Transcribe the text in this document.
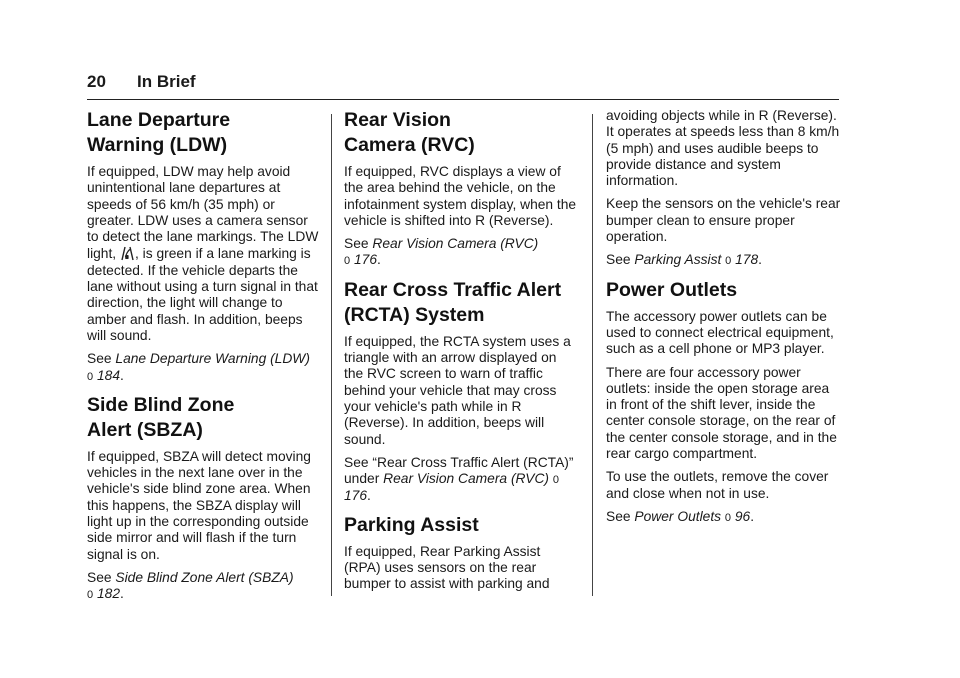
20 In Brief
Lane Departure
Warning (LDW)

If equipped, LDW may help avoid unintentional lane departures at speeds of 56 km/h (35 mph) or greater. LDW uses a camera sensor to detect the lane markings. The LDW light, , is green if a lane marking is detected. If the vehicle departs the lane without using a turn signal in that direction, the light will change to amber and flash. In addition, beeps will sound.

See Lane Departure Warning (LDW)
0 184.

Side Blind Zone
Alert (SBZA)

If equipped, SBZA will detect moving vehicles in the next lane over in the vehicle's side blind zone area. When this happens, the SBZA display will light up in the corresponding outside side mirror and will flash if the turn signal is on.

See Side Blind Zone Alert (SBZA)
0 182.

Rear Vision
Camera (RVC)

If equipped, RVC displays a view of the area behind the vehicle, on the infotainment system display, when the vehicle is shifted into R (Reverse).

See Rear Vision Camera (RVC)
0 176.

Rear Cross Traffic Alert
(RCTA) System

If equipped, the RCTA system uses a triangle with an arrow displayed on the RVC screen to warn of traffic behind your vehicle that may cross your vehicle's path while in R (Reverse). In addition, beeps will sound.

See “Rear Cross Traffic Alert (RCTA)” under Rear Vision Camera (RVC) 0 176.

Parking Assist

If equipped, Rear Parking Assist (RPA) uses sensors on the rear bumper to assist with parking and

avoiding objects while in R (Reverse). It operates at speeds less than 8 km/h (5 mph) and uses audible beeps to provide distance and system information.

Keep the sensors on the vehicle's rear bumper clean to ensure proper operation.

See Parking Assist 0 178.

Power Outlets

The accessory power outlets can be used to connect electrical equipment, such as a cell phone or MP3 player.

There are four accessory power outlets: inside the open storage area in front of the shift lever, inside the center console storage, on the rear of the center console storage, and in the rear cargo compartment.

To use the outlets, remove the cover and close when not in use.

See Power Outlets 0 96.
